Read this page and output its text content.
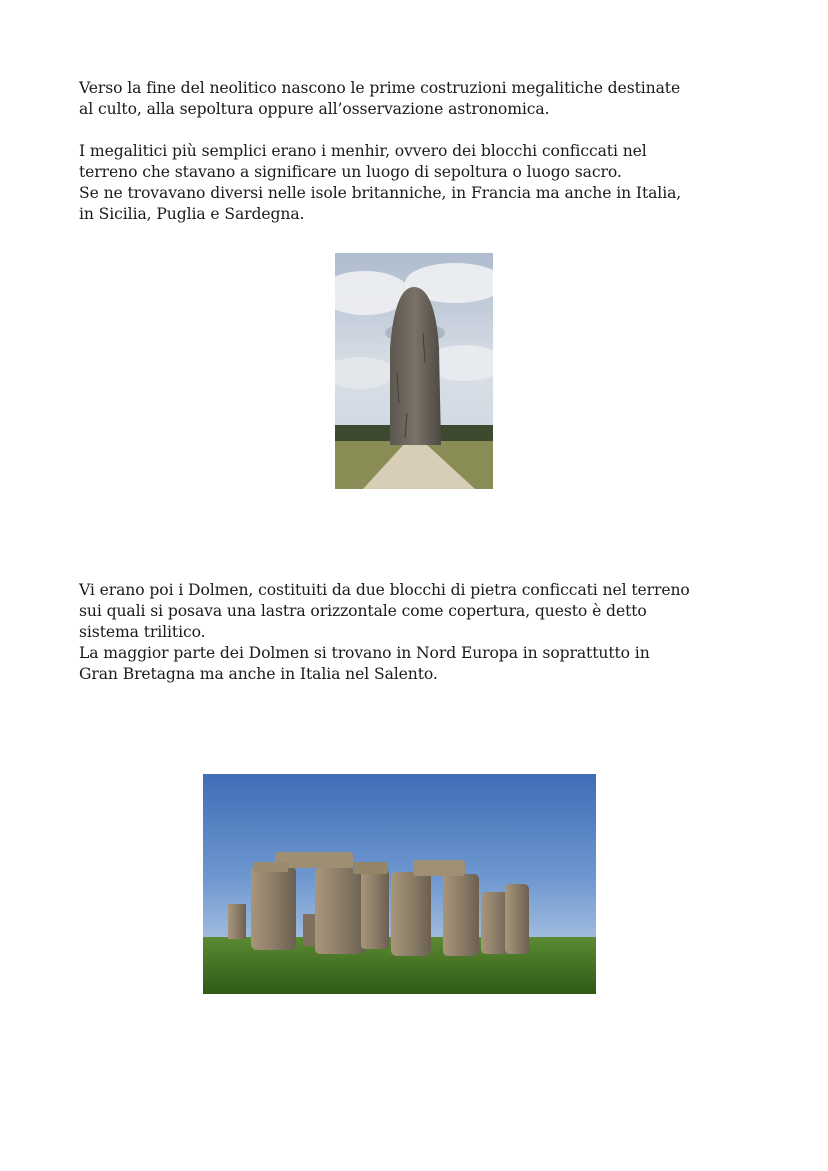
Verso la fine del neolitico nascono le prime costruzioni megalitiche destinate
al culto, alla sepoltura oppure all’osservazione astronomica.
I megalitici più semplici erano i menhir, ovvero dei blocchi conficcati nel
terreno che stavano a significare un luogo di sepoltura o luogo sacro.
Se ne trovavano diversi nelle isole britanniche, in Francia ma anche in Italia,
in Sicilia, Puglia e Sardegna.
Vi erano poi i Dolmen, costituiti da due blocchi di pietra conficcati nel terreno
sui quali si posava una lastra orizzontale come copertura, questo è detto
sistema trilitico.
La maggior parte dei Dolmen si trovano in Nord Europa in soprattutto in
Gran Bretagna ma anche in Italia nel Salento.
